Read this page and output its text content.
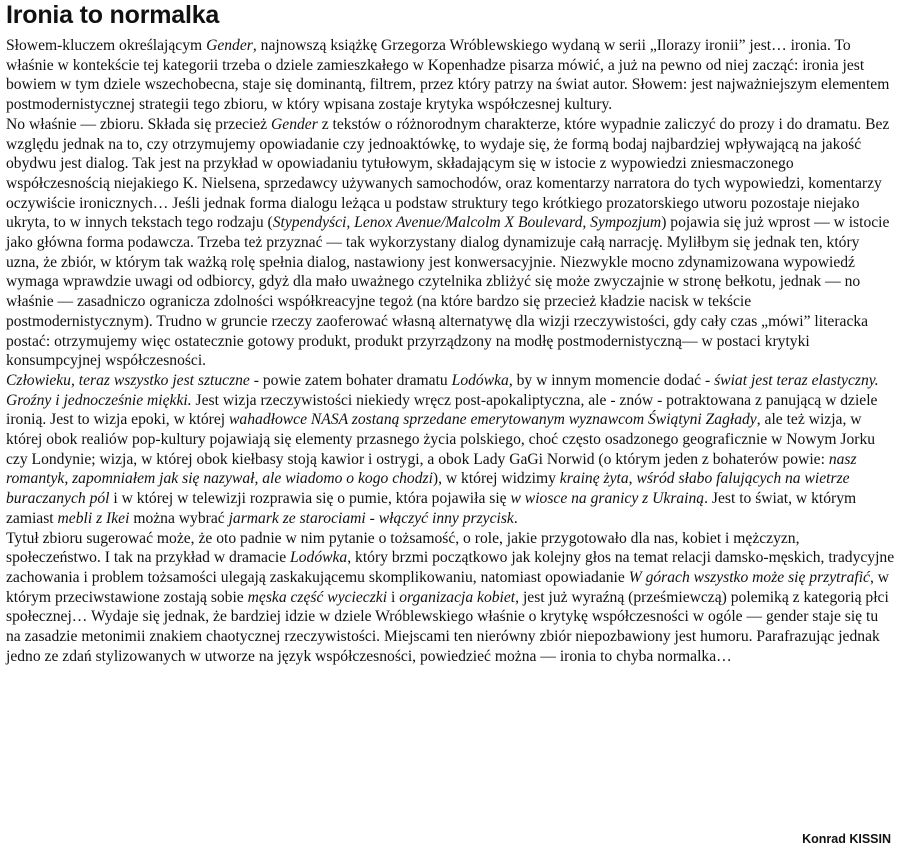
Ironia to normalka

Słowem-kluczem określającym Gender, najnowszą książkę Grzegorza Wróblewskiego wydaną w serii „Ilorazy ironii” jest… ironia. To właśnie w kontekście tej kategorii trzeba o dziele zamieszkałego w Kopenhadze pisarza mówić, a już na pewno od niej zacząć: ironia jest bowiem w tym dziele wszechobecna, staje się dominantą, filtrem, przez który patrzy na świat autor. Słowem: jest najważniejszym elementem postmodernistycznej strategii tego zbioru, w który wpisana zostaje krytyka współczesnej kultury.

No właśnie — zbioru. Składa się przecież Gender z tekstów o różnorodnym charakterze, które wypadnie zaliczyć do prozy i do dramatu. Bez względu jednak na to, czy otrzymujemy opowiadanie czy jednoaktówkę, to wydaje się, że formą bodaj najbardziej wpływającą na jakość obydwu jest dialog. Tak jest na przykład w opowiadaniu tytułowym, składającym się w istocie z wypowiedzi zniesmaczonego współczesnością niejakiego K. Nielsena, sprzedawcy używanych samochodów, oraz komentarzy narratora do tych wypowiedzi, komentarzy oczywiście ironicznych… Jeśli jednak forma dialogu leżąca u podstaw struktury tego krótkiego prozatorskiego utworu pozostaje niejako ukryta, to w innych tekstach tego rodzaju (Stypendyści, Lenox Avenue/Malcolm X Boulevard, Sympozjum) pojawia się już wprost — w istocie jako główna forma podawcza. Trzeba też przyznać — tak wykorzystany dialog dynamizuje całą narrację. Myliłbym się jednak ten, który uzna, że zbiór, w którym tak ważką rolę spełnia dialog, nastawiony jest konwersacyjnie. Niezwykle mocno zdynamizowana wypowiedź wymaga wprawdzie uwagi od odbiorcy, gdyż dla mało uważnego czytelnika zbliżyć się może zwyczajnie w stronę bełkotu, jednak — no właśnie — zasadniczo ogranicza zdolności współkreacyjne tegoż (na które bardzo się przecież kładzie nacisk w tekście postmodernistycznym). Trudno w gruncie rzeczy zaoferować własną alternatywę dla wizji rzeczywistości, gdy cały czas „mówi” literacka postać: otrzymujemy więc ostatecznie gotowy produkt, produkt przyrządzony na modłę postmodernistyczną— w postaci krytyki konsumpcyjnej współczesności.

Człowieku, teraz wszystko jest sztuczne - powie zatem bohater dramatu Lodówka, by w innym momencie dodać - świat jest teraz elastyczny. Groźny i jednocześnie miękki. Jest wizja rzeczywistości niekiedy wręcz post-apokaliptyczna, ale - znów - potraktowana z panującą w dziele ironią. Jest to wizja epoki, w której wahadłowce NASA zostaną sprzedane emerytowanym wyznawcom Świątyni Zagłady, ale też wizja, w której obok realiów pop-kultury pojawiają się elementy przasnego życia polskiego, choć często osadzonego geograficznie w Nowym Jorku czy Londynie; wizja, w której obok kiełbasy stoją kawior i ostrygi, a obok Lady GaGi Norwid (o którym jeden z bohaterów powie: nasz romantyk, zapomniałem jak się nazywał, ale wiadomo o kogo chodzi), w której widzimy krainę żyta, wśród słabo falujących na wietrze buraczanych pól i w której w telewizji rozprawia się o pumie, która pojawiła się w wiosce na granicy z Ukrainą. Jest to świat, w którym zamiast mebli z Ikei można wybrać jarmark ze starociami - włączyć inny przycisk.

Tytuł zbioru sugerować może, że oto padnie w nim pytanie o tożsamość, o role, jakie przygotowało dla nas, kobiet i mężczyzn, społeczeństwo. I tak na przykład w dramacie Lodówka, który brzmi początkowo jak kolejny głos na temat relacji damsko-męskich, tradycyjne zachowania i problem tożsamości ulegają zaskakującemu skomplikowaniu, natomiast opowiadanie W górach wszystko może się przytrafić, w którym przeciwstawione zostają sobie męska część wycieczki i organizacja kobiet, jest już wyraźną (prześmiewczą) polemiką z kategorią płci społecznej… Wydaje się jednak, że bardziej idzie w dziele Wróblewskiego właśnie o krytykę współczesności w ogóle — gender staje się tu na zasadzie metonimii znakiem chaotycznej rzeczywistości. Miejscami ten nierówny zbiór niepozbawiony jest humoru. Parafrazując jednak jedno ze zdań stylizowanych w utworze na język współczesności, powiedzieć można — ironia to chyba normalka…

Konrad KISSIN
